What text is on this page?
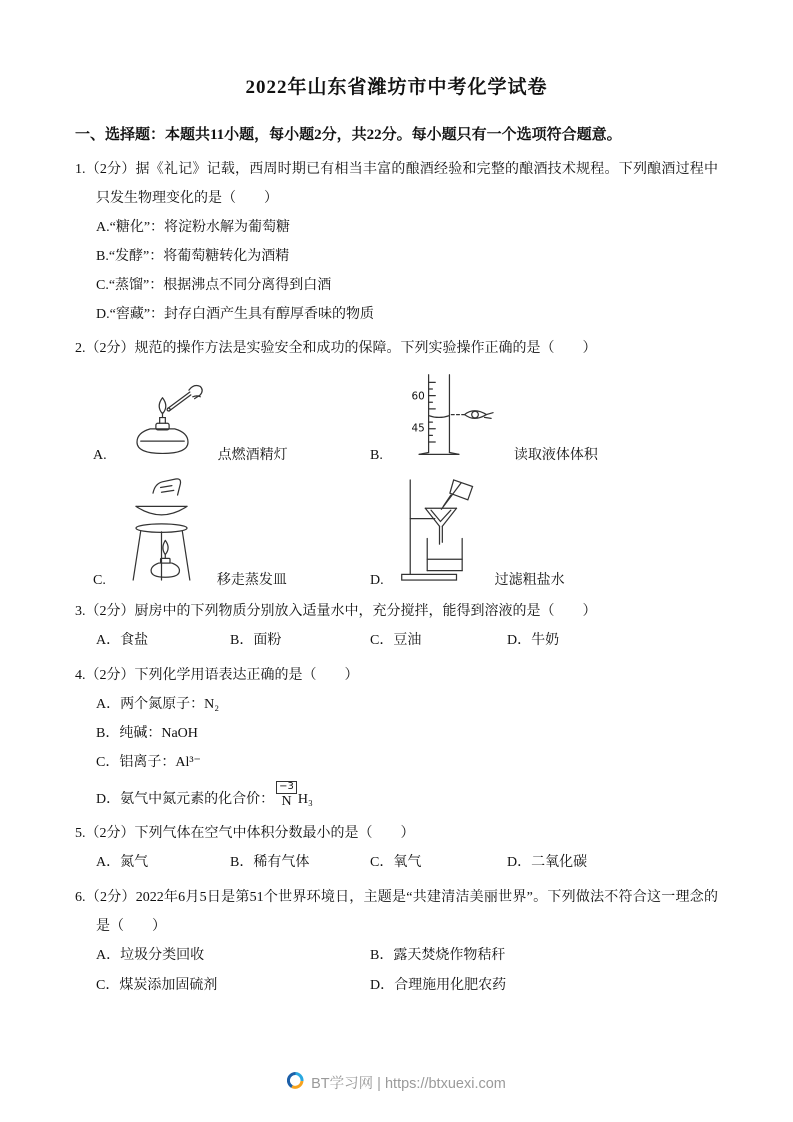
2022年山东省潍坊市中考化学试卷
一、选择题：本题共11小题，每小题2分，共22分。每小题只有一个选项符合题意。
1.（2分）据《礼记》记载，西周时期已有相当丰富的酿酒经验和完整的酿酒技术规程。下列酿酒过程中只发生物理变化的是（　　）
A.“糖化”：将淀粉水解为葡萄糖
B.“发酵”：将葡萄糖转化为酒精
C.“蒸馏”：根据沸点不同分离得到白酒
D.“窖藏”：封存白酒产生具有醇厚香味的物质
2.（2分）规范的操作方法是实验安全和成功的保障。下列实验操作正确的是（　　）
A.	点燃酒精灯	B.
60
45
读取液体体积
C.	移走蒸发皿	D.	过滤粗盐水
3.（2分）厨房中的下列物质分别放入适量水中，充分搅拌，能得到溶液的是（　　）
A．食盐	B．面粉	C．豆油	D．牛奶
4.（2分）下列化学用语表达正确的是（　　）
A．两个氮原子：N₂
B．纯碱：NaOH
C．铝离子：Al³⁻
D．氨气中氮元素的化合价：
−3
N H₃
5.（2分）下列气体在空气中体积分数最小的是（　　）
A．氮气	B．稀有气体	C．氧气	D．二氧化碳
6.（2分）2022年6月5日是第51个世界环境日，主题是“共建清洁美丽世界”。下列做法不符合这一理念的是（　　）
A．垃圾分类回收	B．露天焚烧作物秸秆
C．煤炭添加固硫剂	D．合理施用化肥农药
BT学习网 | https://btxuexi.com
